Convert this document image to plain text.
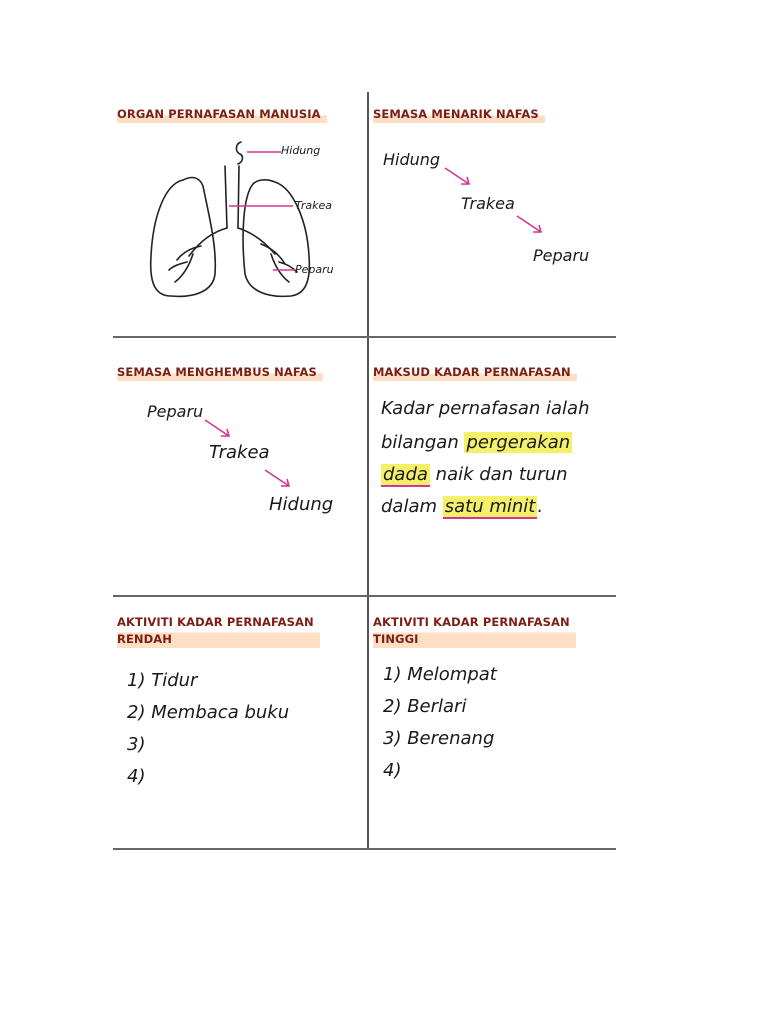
ORGAN PERNAFASAN MANUSIA
Hidung
Trakea
Peparu
SEMASA MENARIK NAFAS
Hidung
Trakea
Peparu
SEMASA MENGHEMBUS NAFAS
Peparu
Trakea
Hidung
MAKSUD KADAR PERNAFASAN
Kadar pernafasan ialah
bilangan pergerakan
dada naik dan turun
dalam satu minit .
AKTIVITI KADAR PERNAFASAN
RENDAH
1) Tidur
2) Membaca buku
3)
4)
AKTIVITI KADAR PERNAFASAN
TINGGI
1) Melompat
2) Berlari
3) Berenang
4)
